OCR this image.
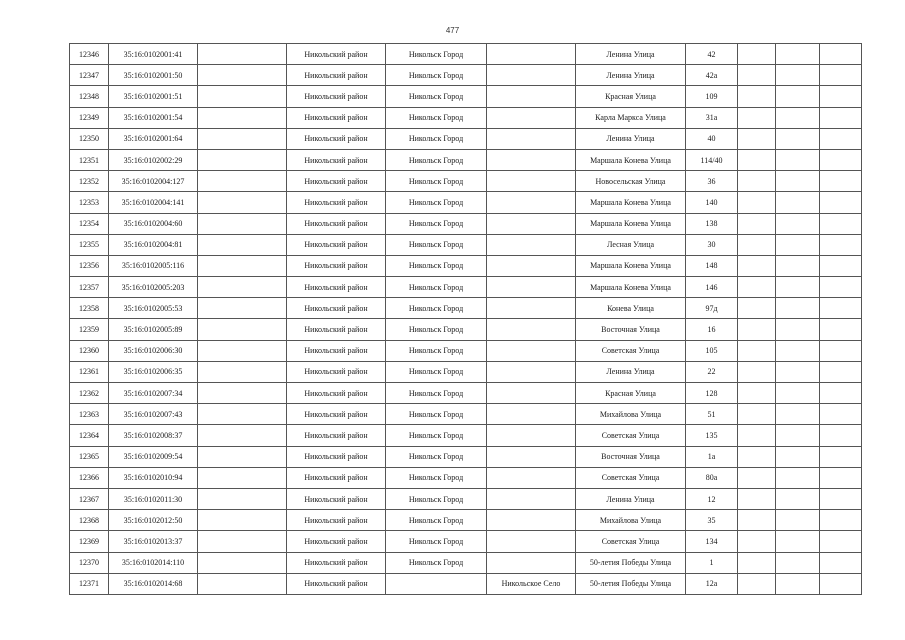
477
12346	35:16:0102001:41		Никольский район	Никольск Город		Ленина Улица	42			
12347	35:16:0102001:50		Никольский район	Никольск Город		Ленина Улица	42а			
12348	35:16:0102001:51		Никольский район	Никольск Город		Красная Улица	109			
12349	35:16:0102001:54		Никольский район	Никольск Город		Карла Маркса Улица	31а			
12350	35:16:0102001:64		Никольский район	Никольск Город		Ленина Улица	40			
12351	35:16:0102002:29		Никольский район	Никольск Город		Маршала Конева Улица	114/40			
12352	35:16:0102004:127		Никольский район	Никольск Город		Новосельская Улица	36			
12353	35:16:0102004:141		Никольский район	Никольск Город		Маршала Конева Улица	140			
12354	35:16:0102004:60		Никольский район	Никольск Город		Маршала Конева Улица	138			
12355	35:16:0102004:81		Никольский район	Никольск Город		Лесная Улица	30			
12356	35:16:0102005:116		Никольский район	Никольск Город		Маршала Конева Улица	148			
12357	35:16:0102005:203		Никольский район	Никольск Город		Маршала Конева Улица	146			
12358	35:16:0102005:53		Никольский район	Никольск Город		Конева Улица	97д			
12359	35:16:0102005:89		Никольский район	Никольск Город		Восточная Улица	16			
12360	35:16:0102006:30		Никольский район	Никольск Город		Советская Улица	105			
12361	35:16:0102006:35		Никольский район	Никольск Город		Ленина Улица	22			
12362	35:16:0102007:34		Никольский район	Никольск Город		Красная Улица	128			
12363	35:16:0102007:43		Никольский район	Никольск Город		Михайлова Улица	51			
12364	35:16:0102008:37		Никольский район	Никольск Город		Советская Улица	135			
12365	35:16:0102009:54		Никольский район	Никольск Город		Восточная Улица	1а			
12366	35:16:0102010:94		Никольский район	Никольск Город		Советская Улица	80а			
12367	35:16:0102011:30		Никольский район	Никольск Город		Ленина Улица	12			
12368	35:16:0102012:50		Никольский район	Никольск Город		Михайлова Улица	35			
12369	35:16:0102013:37		Никольский район	Никольск Город		Советская Улица	134			
12370	35:16:0102014:110		Никольский район	Никольск Город		50-летия Победы Улица	1			
12371	35:16:0102014:68		Никольский район		Никольское Село	50-летия Победы Улица	12а			
